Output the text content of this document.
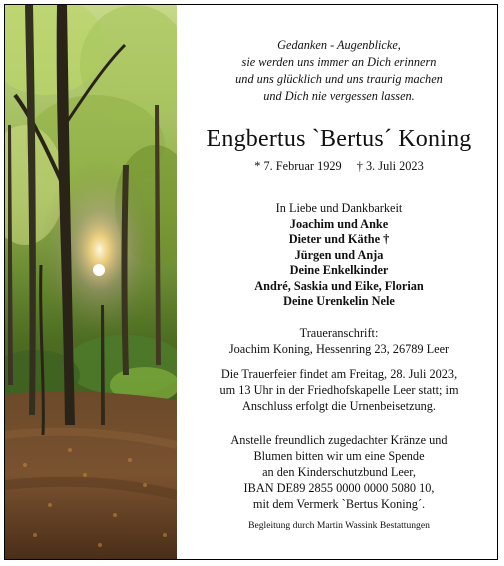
Gedanken - Augenblicke,
sie werden uns immer an Dich erinnern
und uns glücklich und uns traurig machen
und Dich nie vergessen lassen.
Engbertus `Bertus´ Koning
* 7. Februar 1929 † 3. Juli 2023
In Liebe und Dankbarkeit
Joachim und Anke
Dieter und Käthe †
Jürgen und Anja
Deine Enkelkinder
André, Saskia und Eike, Florian
Deine Urenkelin Nele
Traueranschrift:
Joachim Koning, Hessenring 23, 26789 Leer
Die Trauerfeier findet am Freitag, 28. Juli 2023,
um 13 Uhr in der Friedhofskapelle Leer statt; im
Anschluss erfolgt die Urnenbeisetzung.
Anstelle freundlich zugedachter Kränze und
Blumen bitten wir um eine Spende
an den Kinderschutzbund Leer,
IBAN DE89 2855 0000 0000 5080 10,
mit dem Vermerk `Bertus Koning´.
Begleitung durch Martin Wassink Bestattungen
